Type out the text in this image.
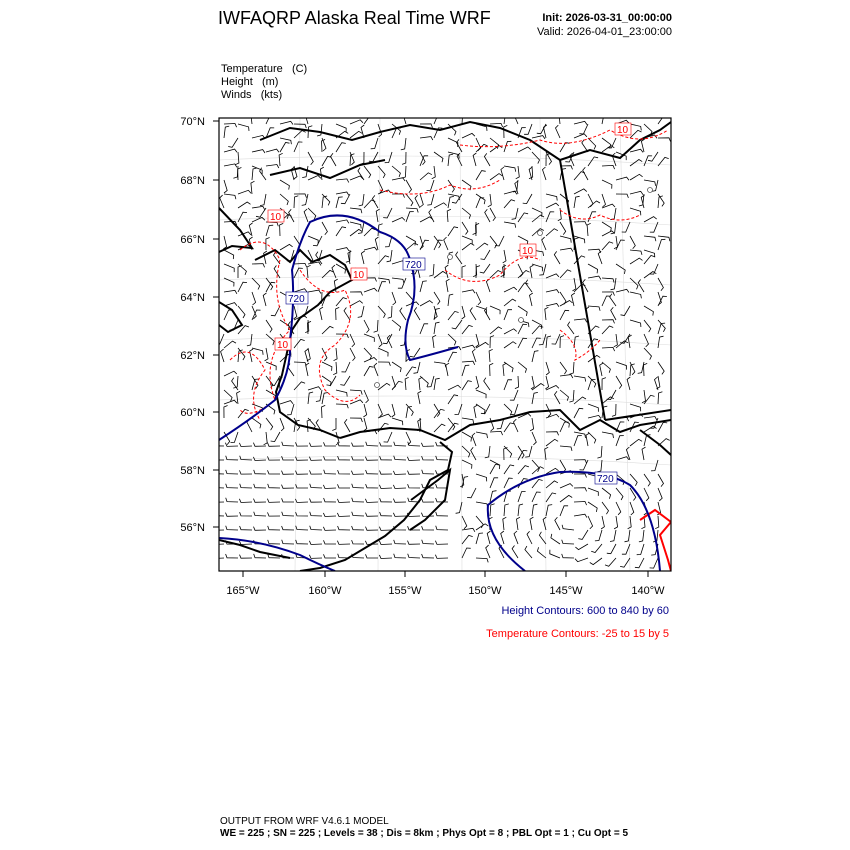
IWFAQRP Alaska Real Time WRF	Init: 2026-03-31_00:00:00
Valid: 2026-04-01_23:00:00
Temperature (C)
Height (m)
Winds (kts)
720
720
720
10
10
10
10
10
70°N
68°N
66°N
64°N
62°N
60°N
58°N
56°N
165°W	160°W	155°W	150°W	145°W	140°W
Height Contours: 600 to 840 by 60
Temperature Contours: -25 to 15 by 5
OUTPUT FROM WRF V4.6.1 MODEL
WE = 225 ; SN = 225 ; Levels = 38 ; Dis = 8km ; Phys Opt = 8 ; PBL Opt = 1 ; Cu Opt = 5
